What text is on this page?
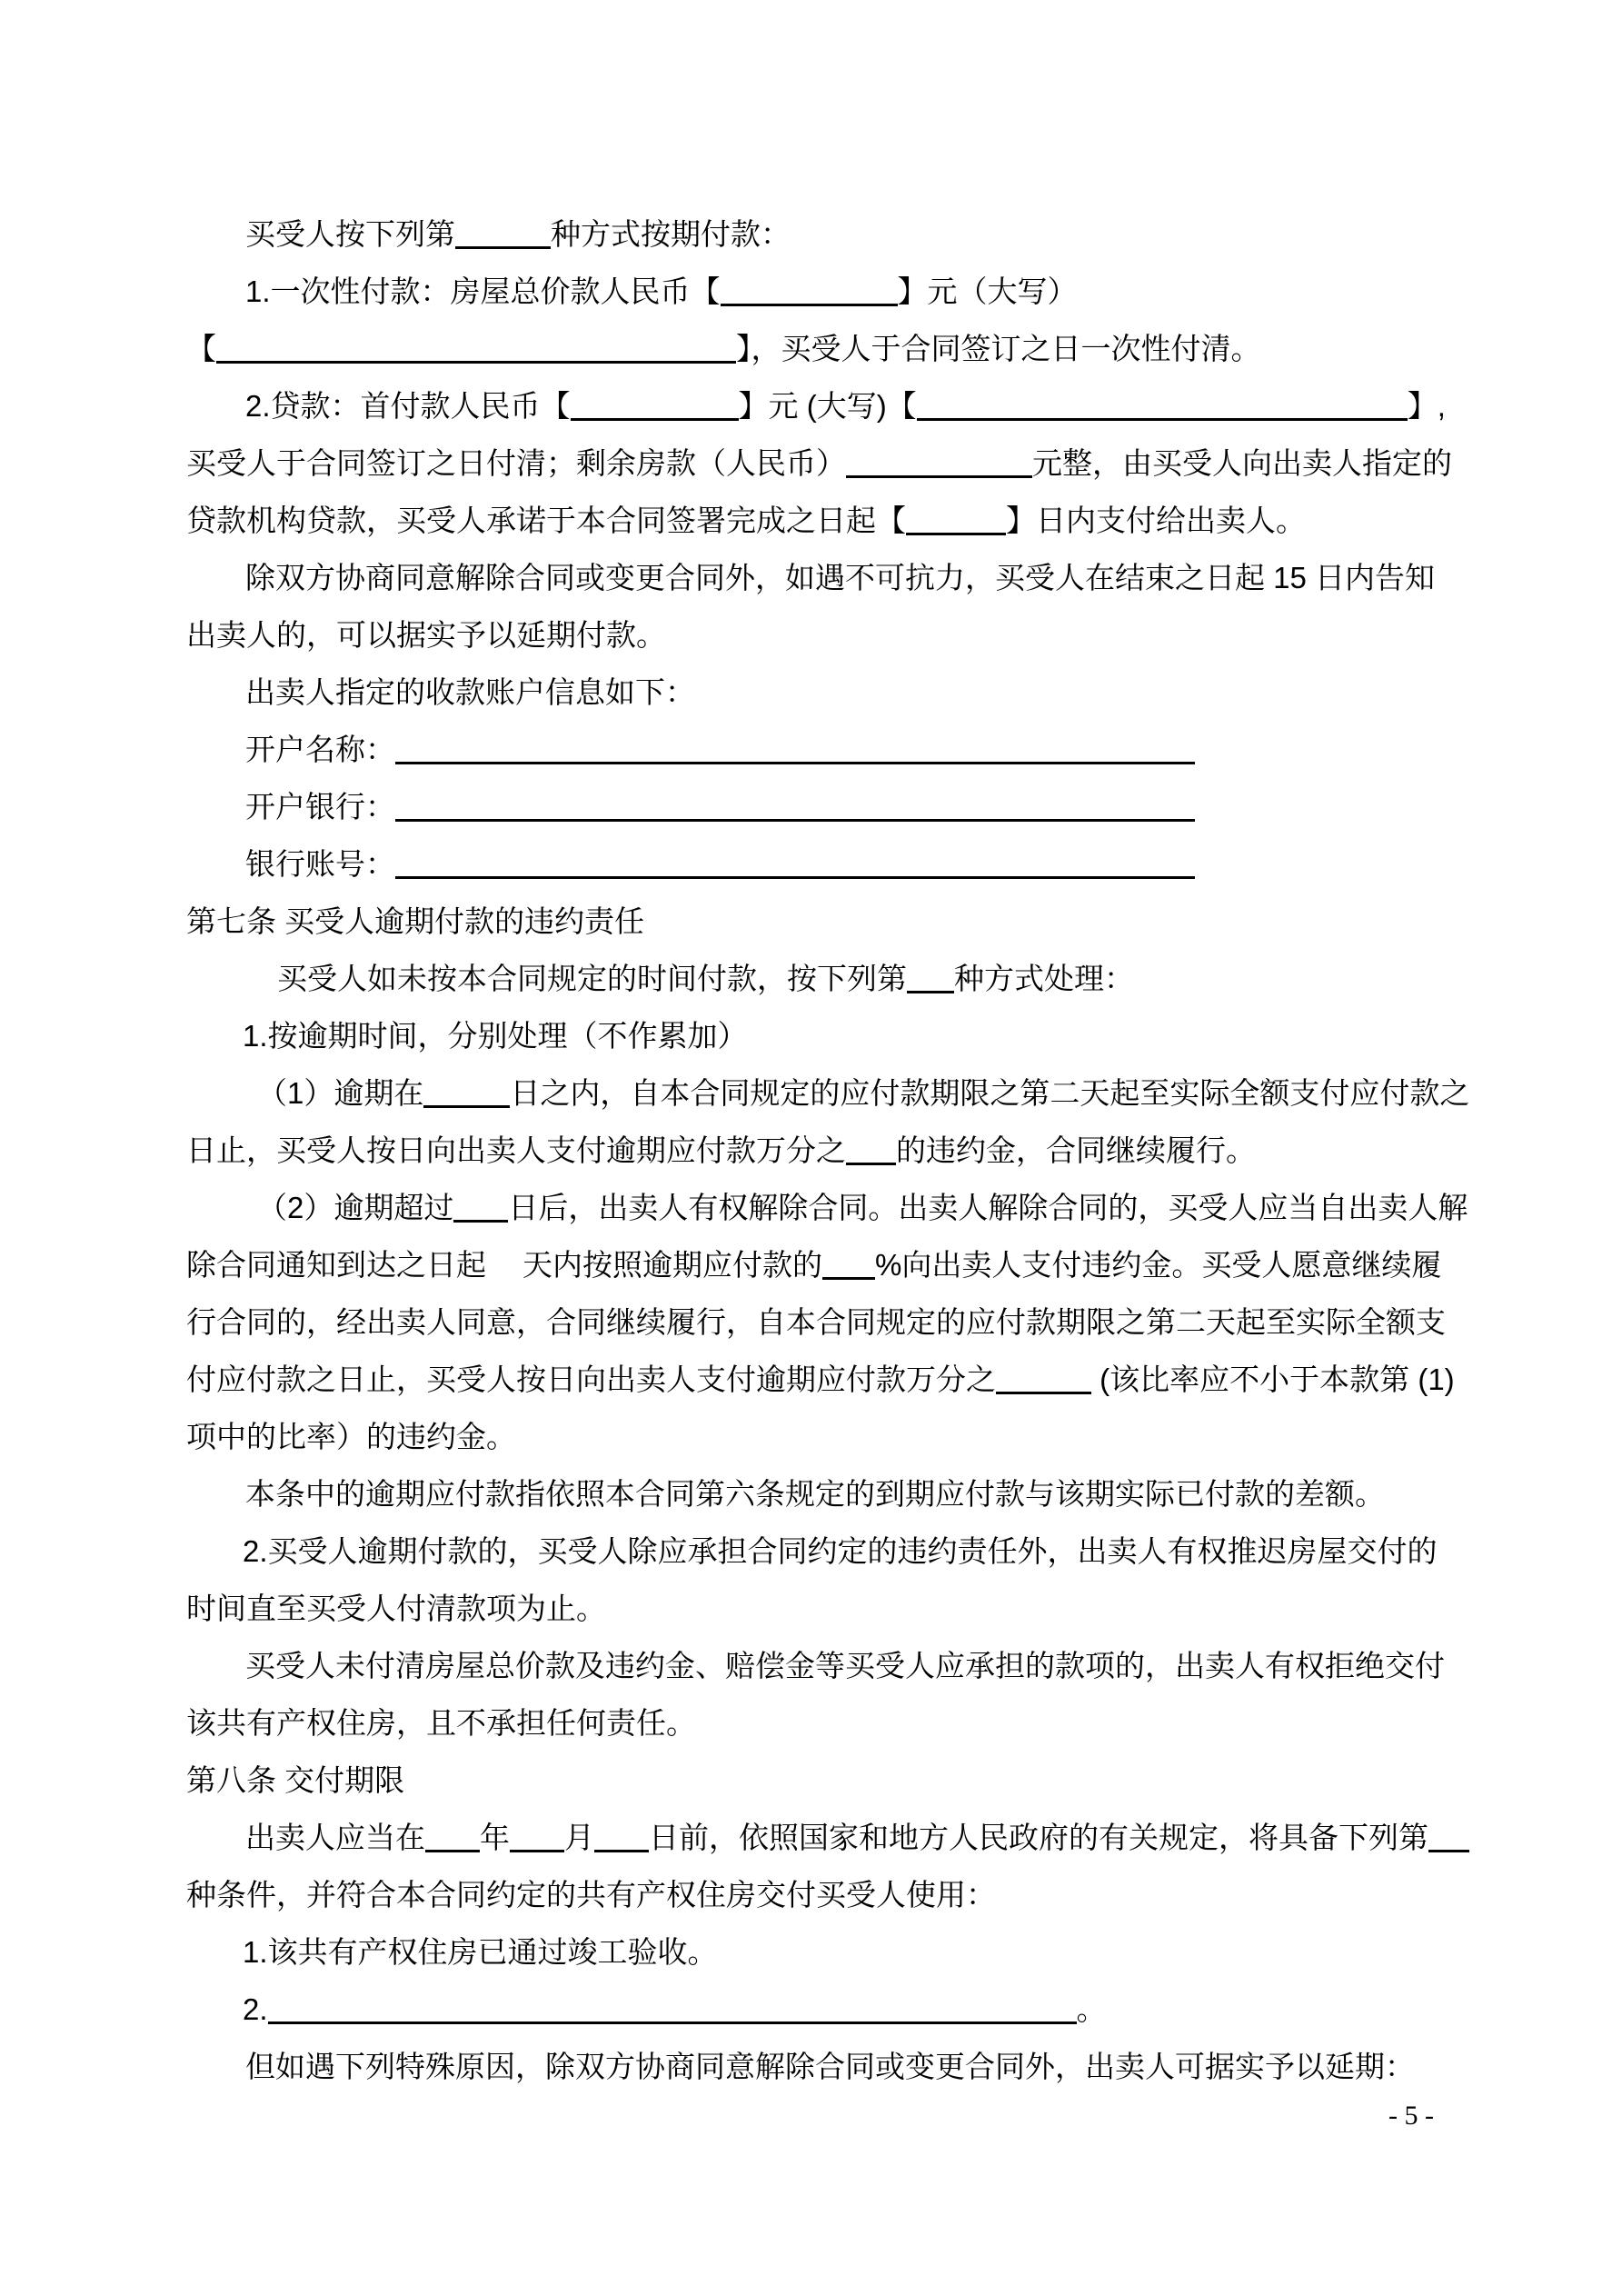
买受人按下列第	种方式按期付款：
1.一次性付款：房屋总价款人民币【	】元（大写）
【	】，买受人于合同签订之日一次性付清。
2.贷款：首付款人民币【	】元 (大写)【	】,
买受人于合同签订之日付清；剩余房款（人民币）	元整，由买受人向出卖人指定的
贷款机构贷款，买受人承诺于本合同签署完成之日起【	】日内支付给出卖人。
除双方协商同意解除合同或变更合同外，如遇不可抗力，买受人在结束之日起 15 日内告知
出卖人的，可以据实予以延期付款。
出卖人指定的收款账户信息如下：
开户名称：
开户银行：
银行账号：
第七条 买受人逾期付款的违约责任
买受人如未按本合同规定的时间付款，按下列第 种方式处理：
1.按逾期时间，分别处理（不作累加）
（1）逾期在	日之内，自本合同规定的应付款期限之第二天起至实际全额支付应付款之
日止，买受人按日向出卖人支付逾期应付款万分之 的违约金，合同继续履行。
（2）逾期超过 日后，出卖人有权解除合同。出卖人解除合同的，买受人应当自出卖人解
除合同通知到达之日起 天内按照逾期应付款的 %向出卖人支付违约金。买受人愿意继续履
行合同的，经出卖人同意，合同继续履行，自本合同规定的应付款期限之第二天起至实际全额支
付应付款之日止，买受人按日向出卖人支付逾期应付款万分之	(该比率应不小于本款第 (1)
项中的比率）的违约金。
本条中的逾期应付款指依照本合同第六条规定的到期应付款与该期实际已付款的差额。
2.买受人逾期付款的，买受人除应承担合同约定的违约责任外，出卖人有权推迟房屋交付的
时间直至买受人付清款项为止。
买受人未付清房屋总价款及违约金、赔偿金等买受人应承担的款项的，出卖人有权拒绝交付
该共有产权住房，且不承担任何责任。
第八条 交付期限
出卖人应当在 年 月 日前，依照国家和地方人民政府的有关规定，将具备下列第
种条件，并符合本合同约定的共有产权住房交付买受人使用：
1.该共有产权住房已通过竣工验收。
2.	。
但如遇下列特殊原因，除双方协商同意解除合同或变更合同外，出卖人可据实予以延期：
- 5 -
